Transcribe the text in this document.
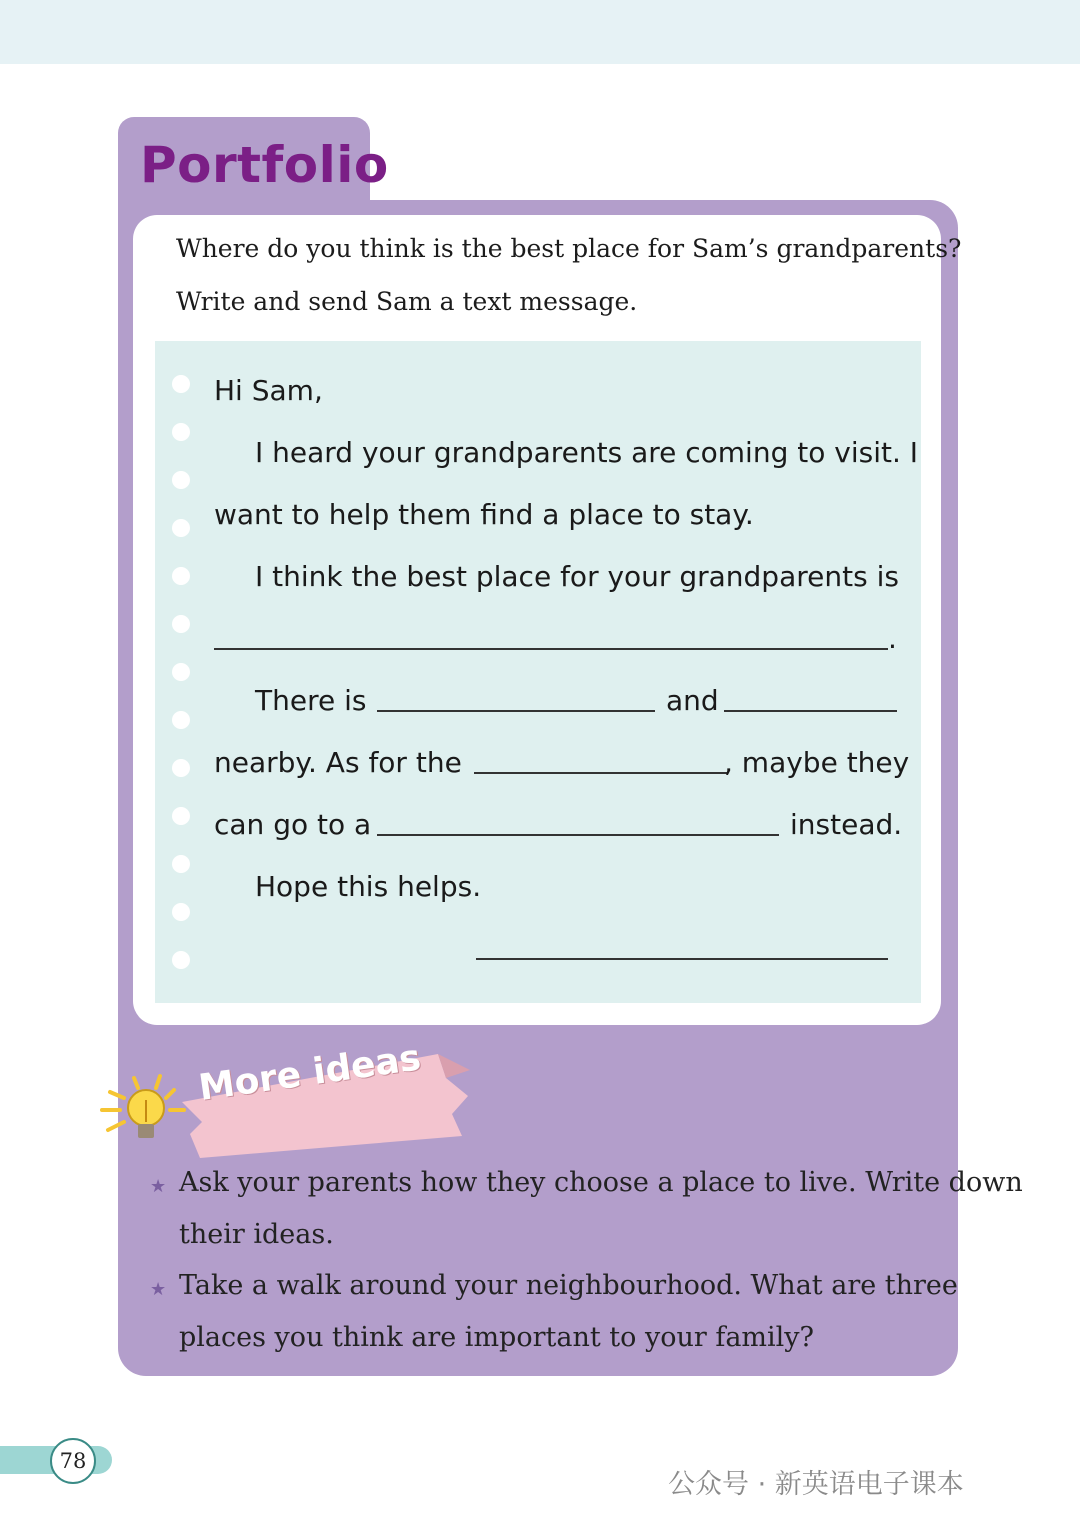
Portfolio
Where do you think is the best place for Sam’s grandparents?
Write and send Sam a text message.
Hi Sam,
I heard your grandparents are coming to visit. I
want to help them find a place to stay.
I think the best place for your grandparents is
.
There is	and
nearby. As for the	, maybe they
can go to a	instead.
Hope this helps.
More ideas
★ Ask your parents how they choose a place to live. Write down
their ideas.
★ Take a walk around your neighbourhood. What are three
places you think are important to your family?
78
公众号 · 新英语电子课本
